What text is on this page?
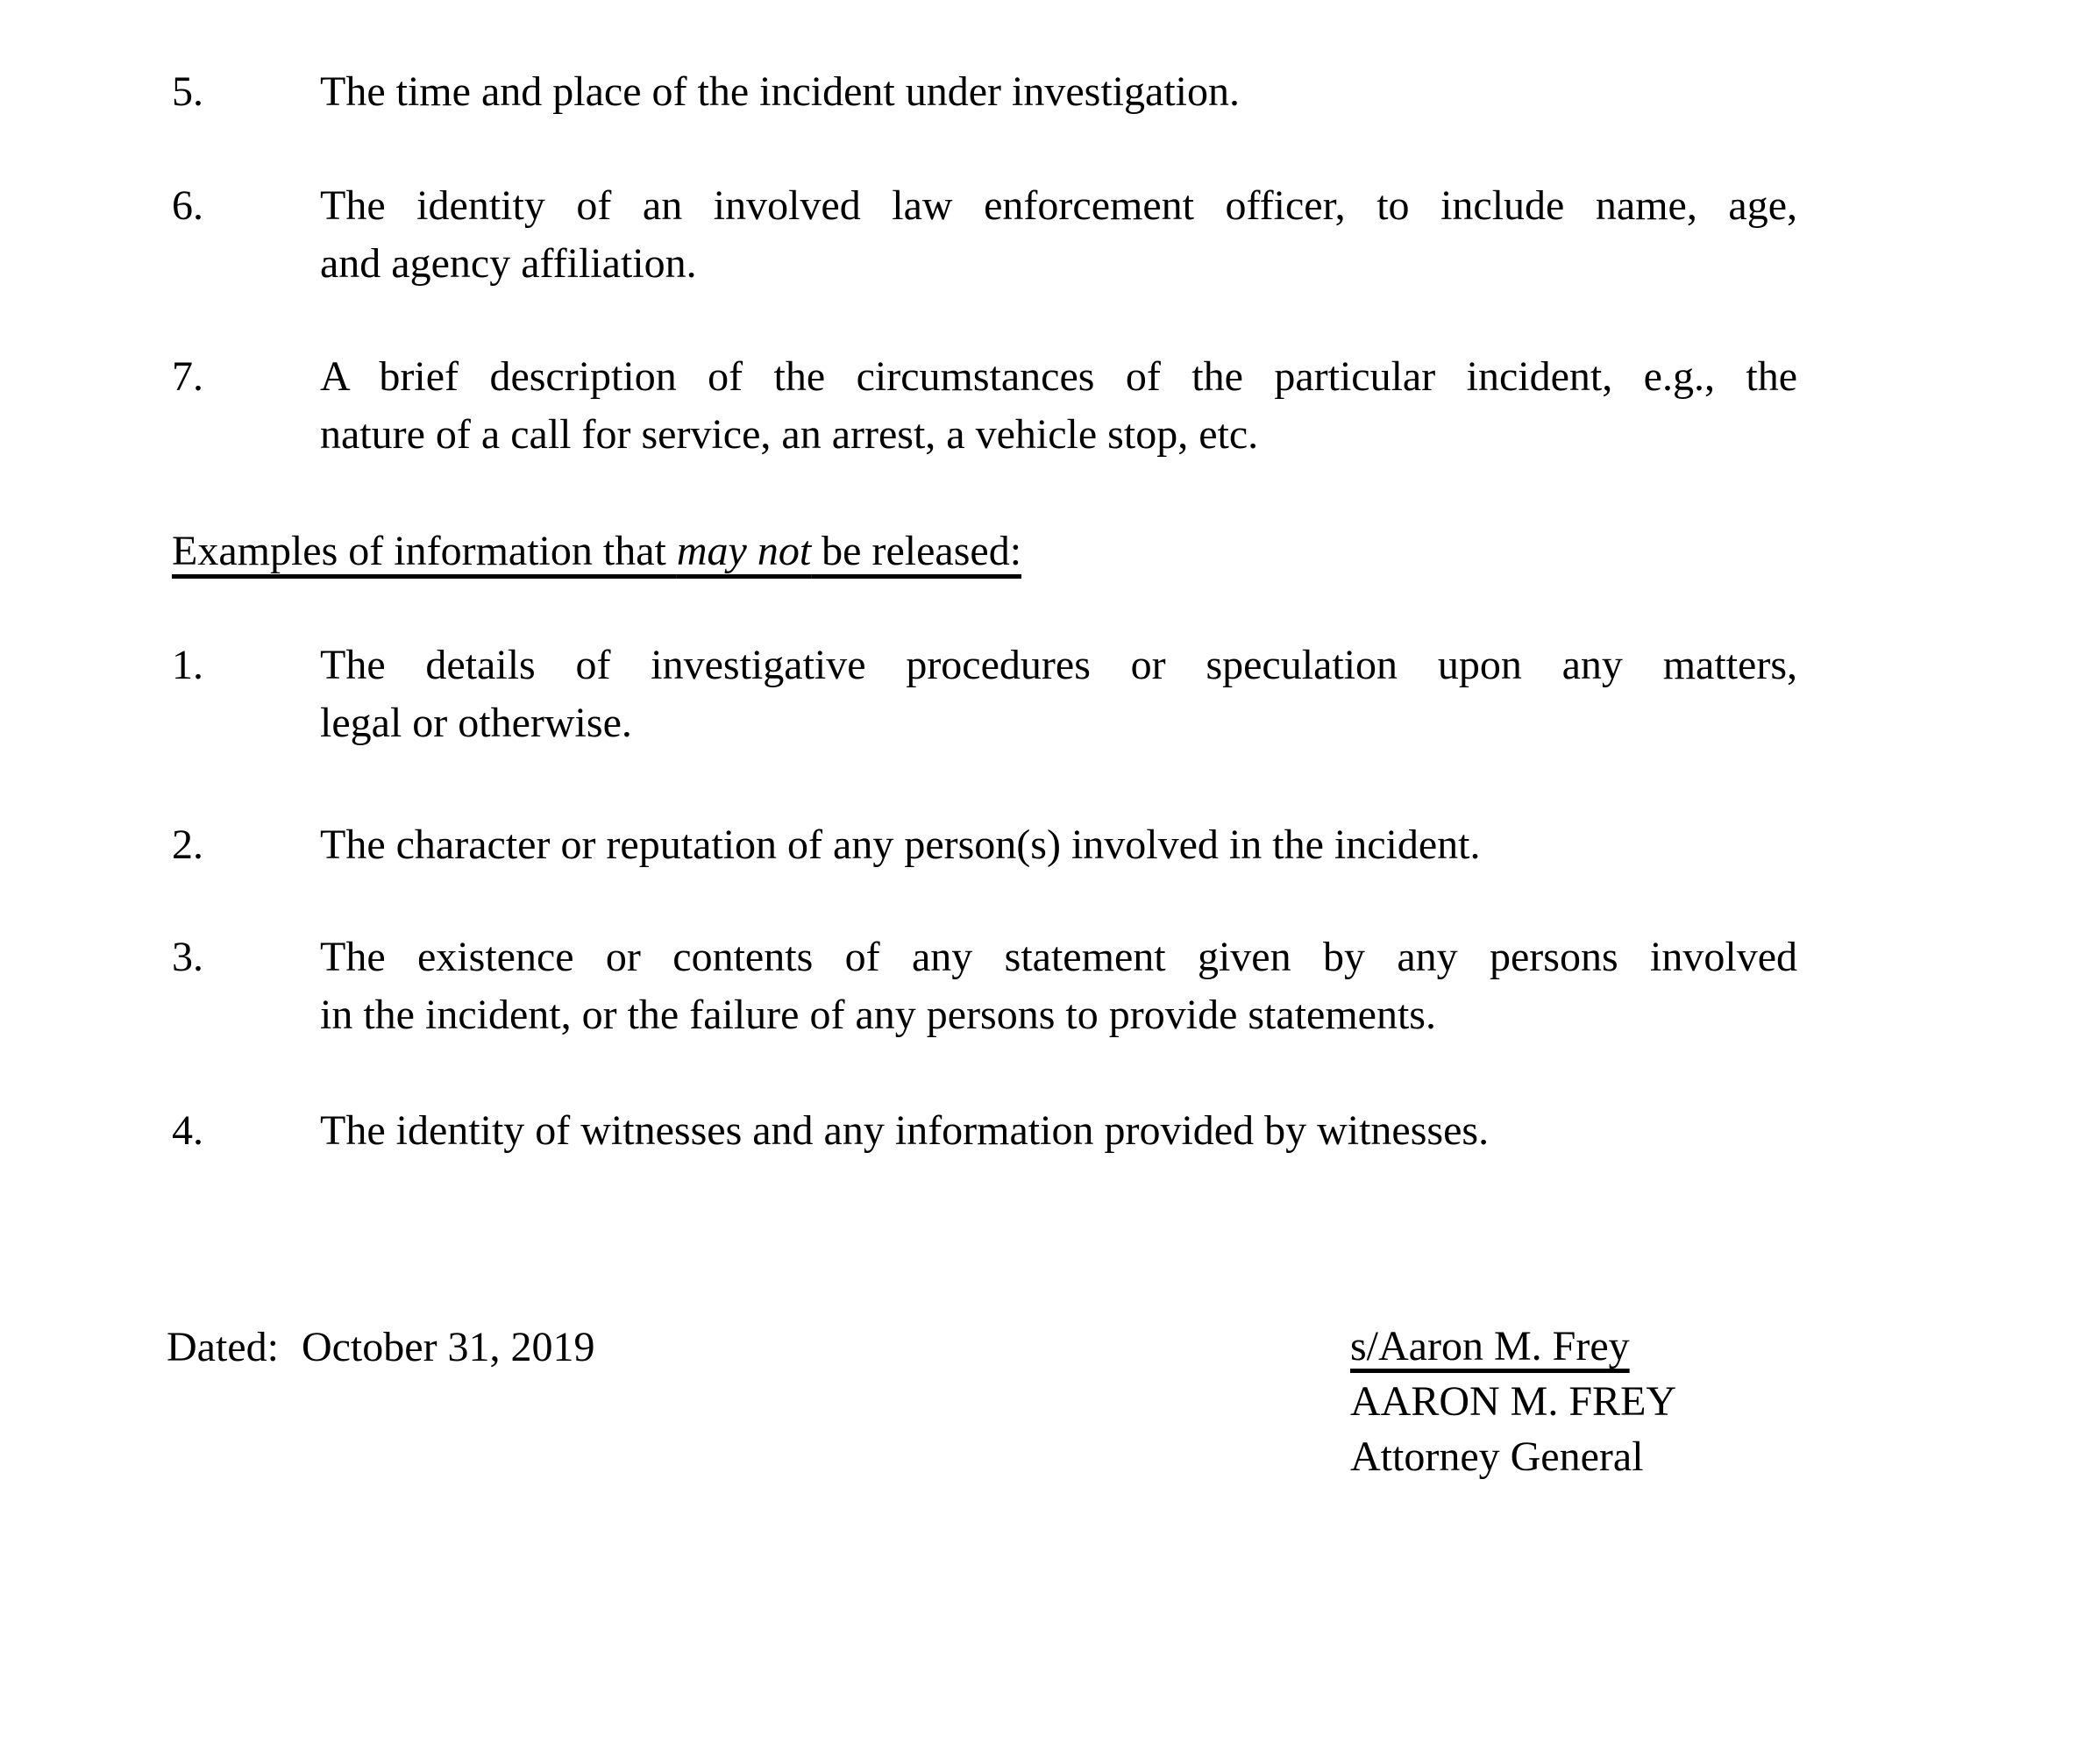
5.	The time and place of the incident under investigation.
6.	The identity of an involved law enforcement officer, to include name, age,
and agency affiliation.
7.	A brief description of the circumstances of the particular incident, e.g., the
nature of a call for service, an arrest, a vehicle stop, etc.
Examples of information that may not be released:
1.	The details of investigative procedures or speculation upon any matters,
legal or otherwise.
2.	The character or reputation of any person(s) involved in the incident.
3.	The existence or contents of any statement given by any persons involved
in the incident, or the failure of any persons to provide statements.
4.	The identity of witnesses and any information provided by witnesses.
Dated: October 31, 2019	s/Aaron M. Frey
AARON M. FREY
Attorney General
